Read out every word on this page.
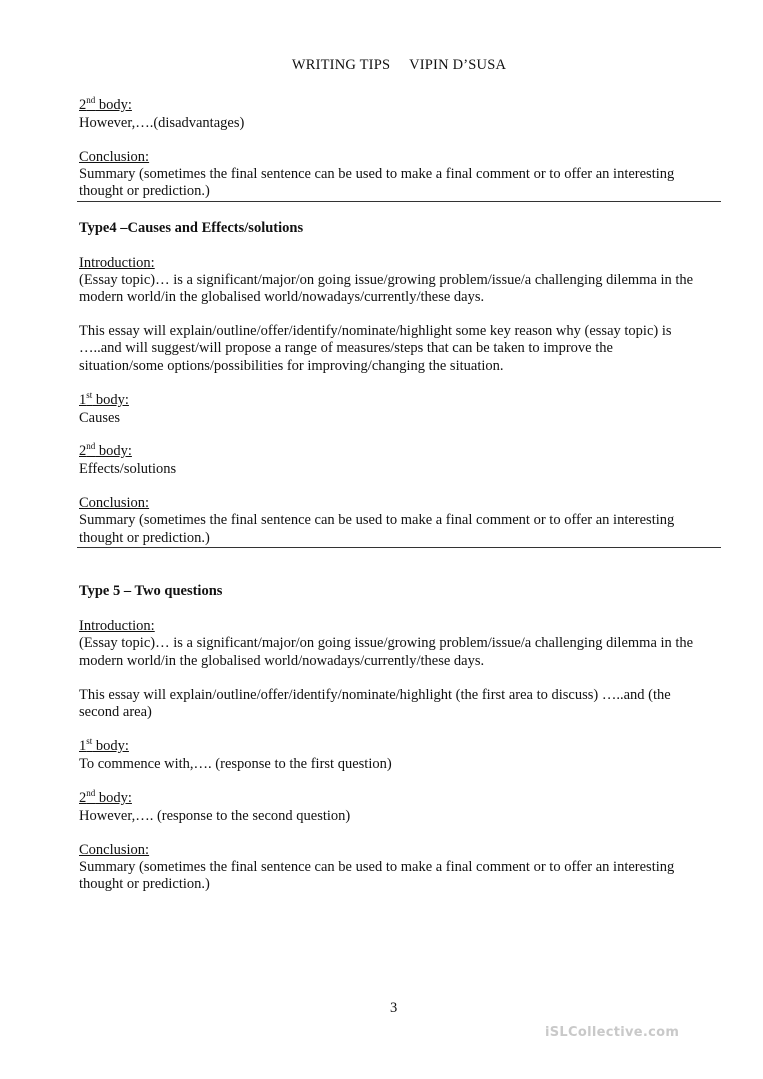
WRITING TIPS     VIPIN D’SUSA
2nd body:
However,….(disadvantages)
Conclusion:
Summary (sometimes the final sentence can be used to make a final comment or to offer an interesting
thought or prediction.)
Type4 –Causes and Effects/solutions
Introduction:
(Essay topic)… is a significant/major/on going issue/growing problem/issue/a challenging dilemma in the
modern world/in the globalised world/nowadays/currently/these days.
This essay will explain/outline/offer/identify/nominate/highlight some key reason why (essay topic) is
…..and will suggest/will propose a range of measures/steps that can be taken to improve the
situation/some options/possibilities for improving/changing the situation.
1st body:
Causes
2nd body:
Effects/solutions
Conclusion:
Summary (sometimes the final sentence can be used to make a final comment or to offer an interesting
thought or prediction.)
Type 5 – Two questions
Introduction:
(Essay topic)… is a significant/major/on going issue/growing problem/issue/a challenging dilemma in the
modern world/in the globalised world/nowadays/currently/these days.
This essay will explain/outline/offer/identify/nominate/highlight (the first area to discuss) …..and (the
second area)
1st body:
To commence with,…. (response to the first question)
2nd body:
However,…. (response to the second question)
Conclusion:
Summary (sometimes the final sentence can be used to make a final comment or to offer an interesting
thought or prediction.)
3
iSLCollective.com
